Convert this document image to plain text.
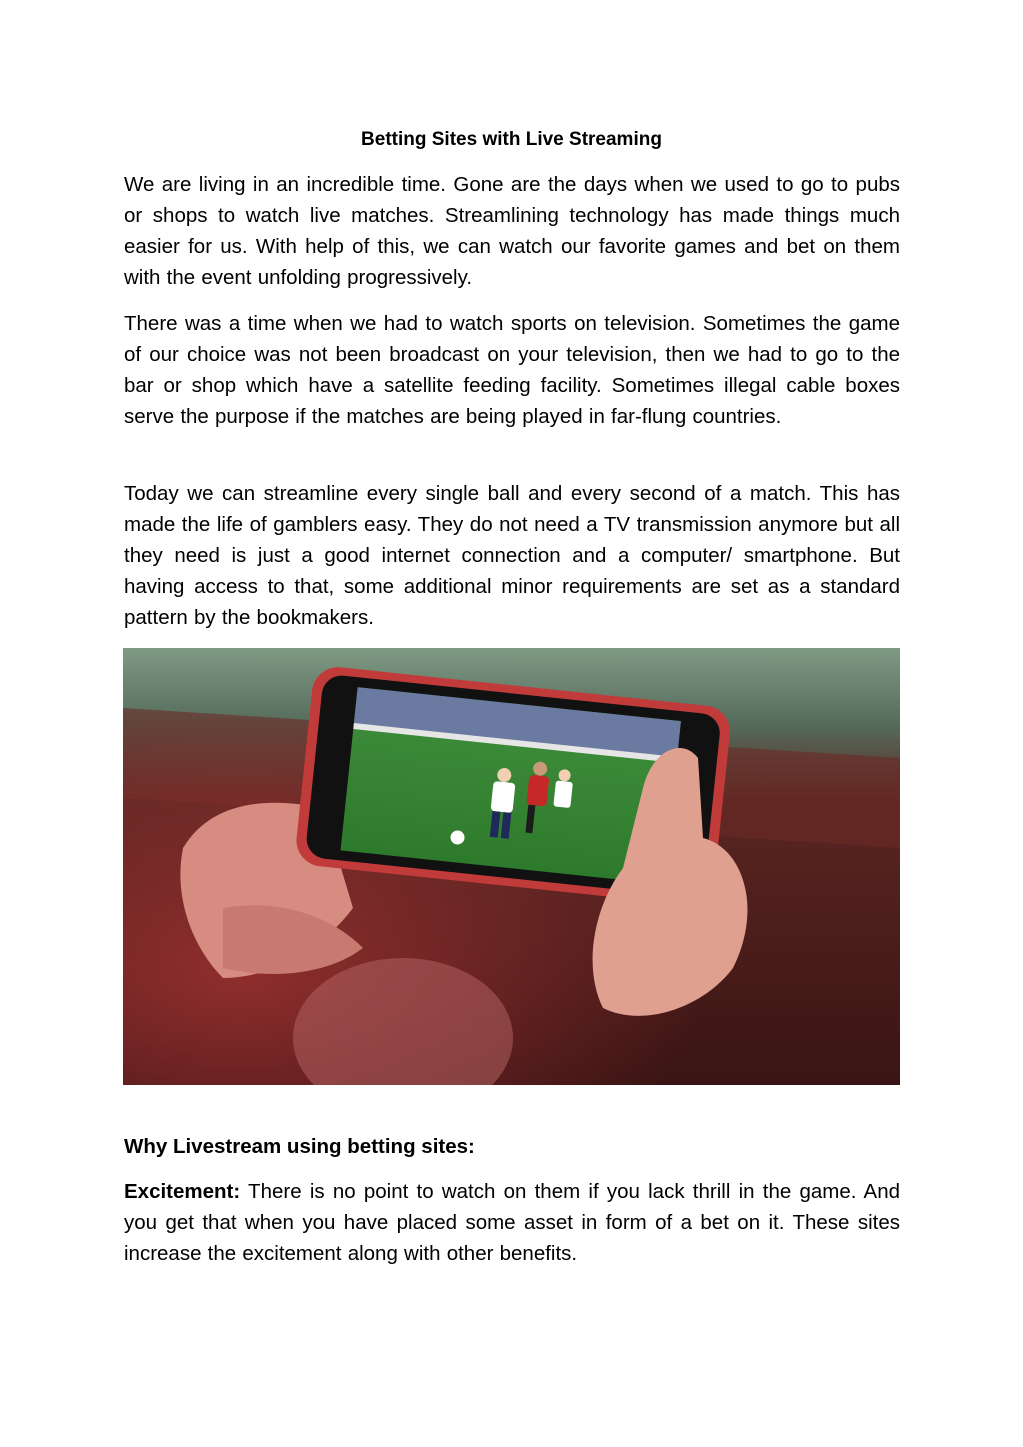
Betting Sites with Live Streaming

We are living in an incredible time. Gone are the days when we used to go to pubs or shops to watch live matches. Streamlining technology has made things much easier for us. With help of this, we can watch our favorite games and bet on them with the event unfolding progressively.

There was a time when we had to watch sports on television. Sometimes the game of our choice was not been broadcast on your television, then we had to go to the bar or shop which have a satellite feeding facility. Sometimes illegal cable boxes serve the purpose if the matches are being played in far-flung countries.

Today we can streamline every single ball and every second of a match. This has made the life of gamblers easy. They do not need a TV transmission anymore but all they need is just a good internet connection and a computer/ smartphone. But having access to that, some additional minor requirements are set as a standard pattern by the bookmakers.

Why Livestream using betting sites:

Excitement: There is no point to watch on them if you lack thrill in the game. And you get that when you have placed some asset in form of a bet on it. These sites increase the excitement along with other benefits.
